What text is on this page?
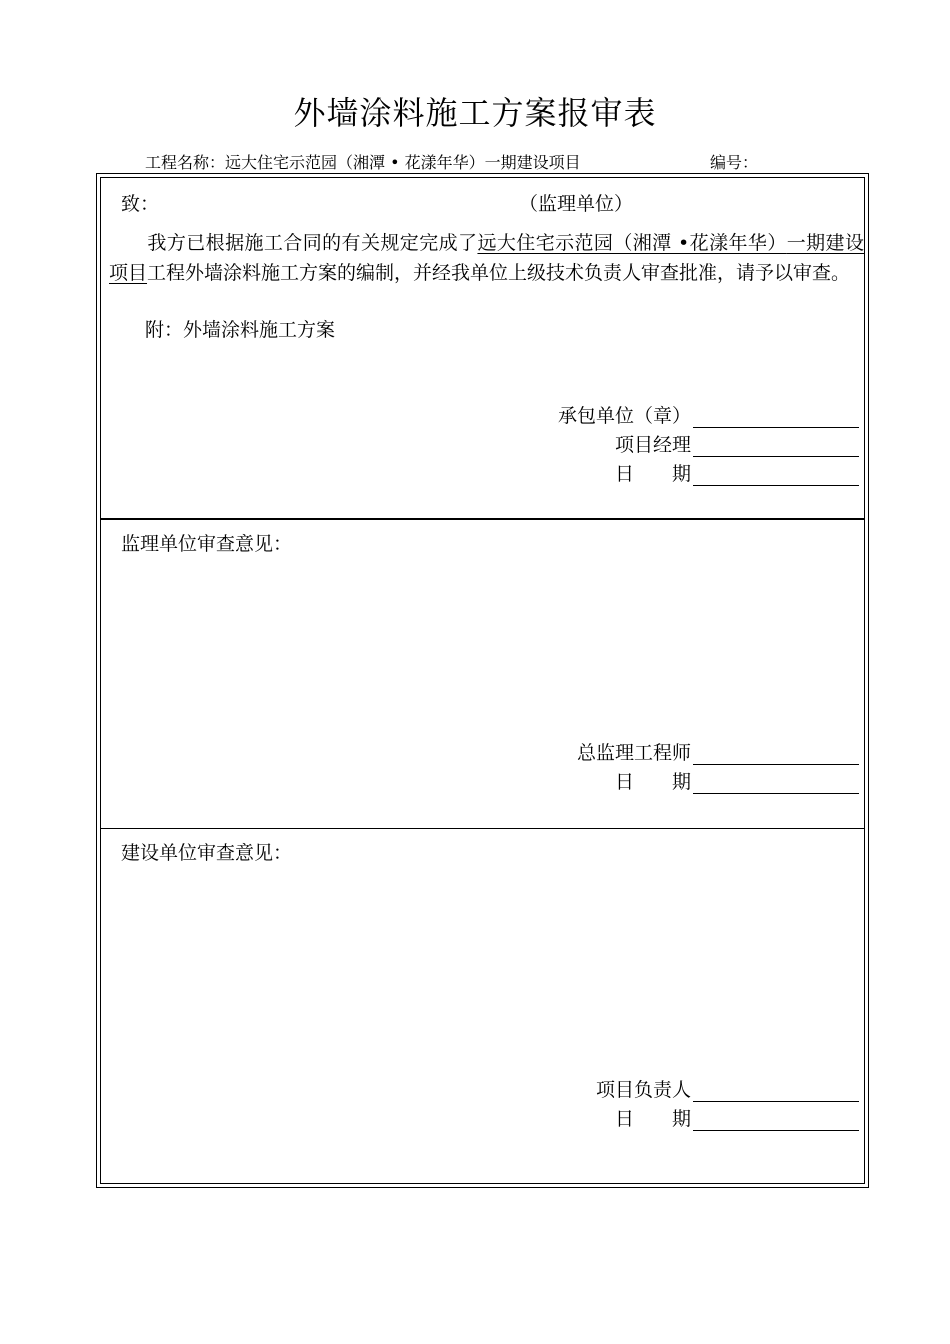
外墙涂料施工方案报审表
工程名称：远大住宅示范园（湘潭 • 花漾年华）一期建设项目	编号：
致：	（监理单位）
我方已根据施工合同的有关规定完成了远大住宅示范园（湘潭 •花漾年华）一期建设项目工程外墙涂料施工方案的编制，并经我单位上级技术负责人审查批准，请予以审查。
附：外墙涂料施工方案
承包单位（章）
项目经理
日　　期
监理单位审查意见：
总监理工程师
日　　期
建设单位审查意见：
项目负责人
日　　期
